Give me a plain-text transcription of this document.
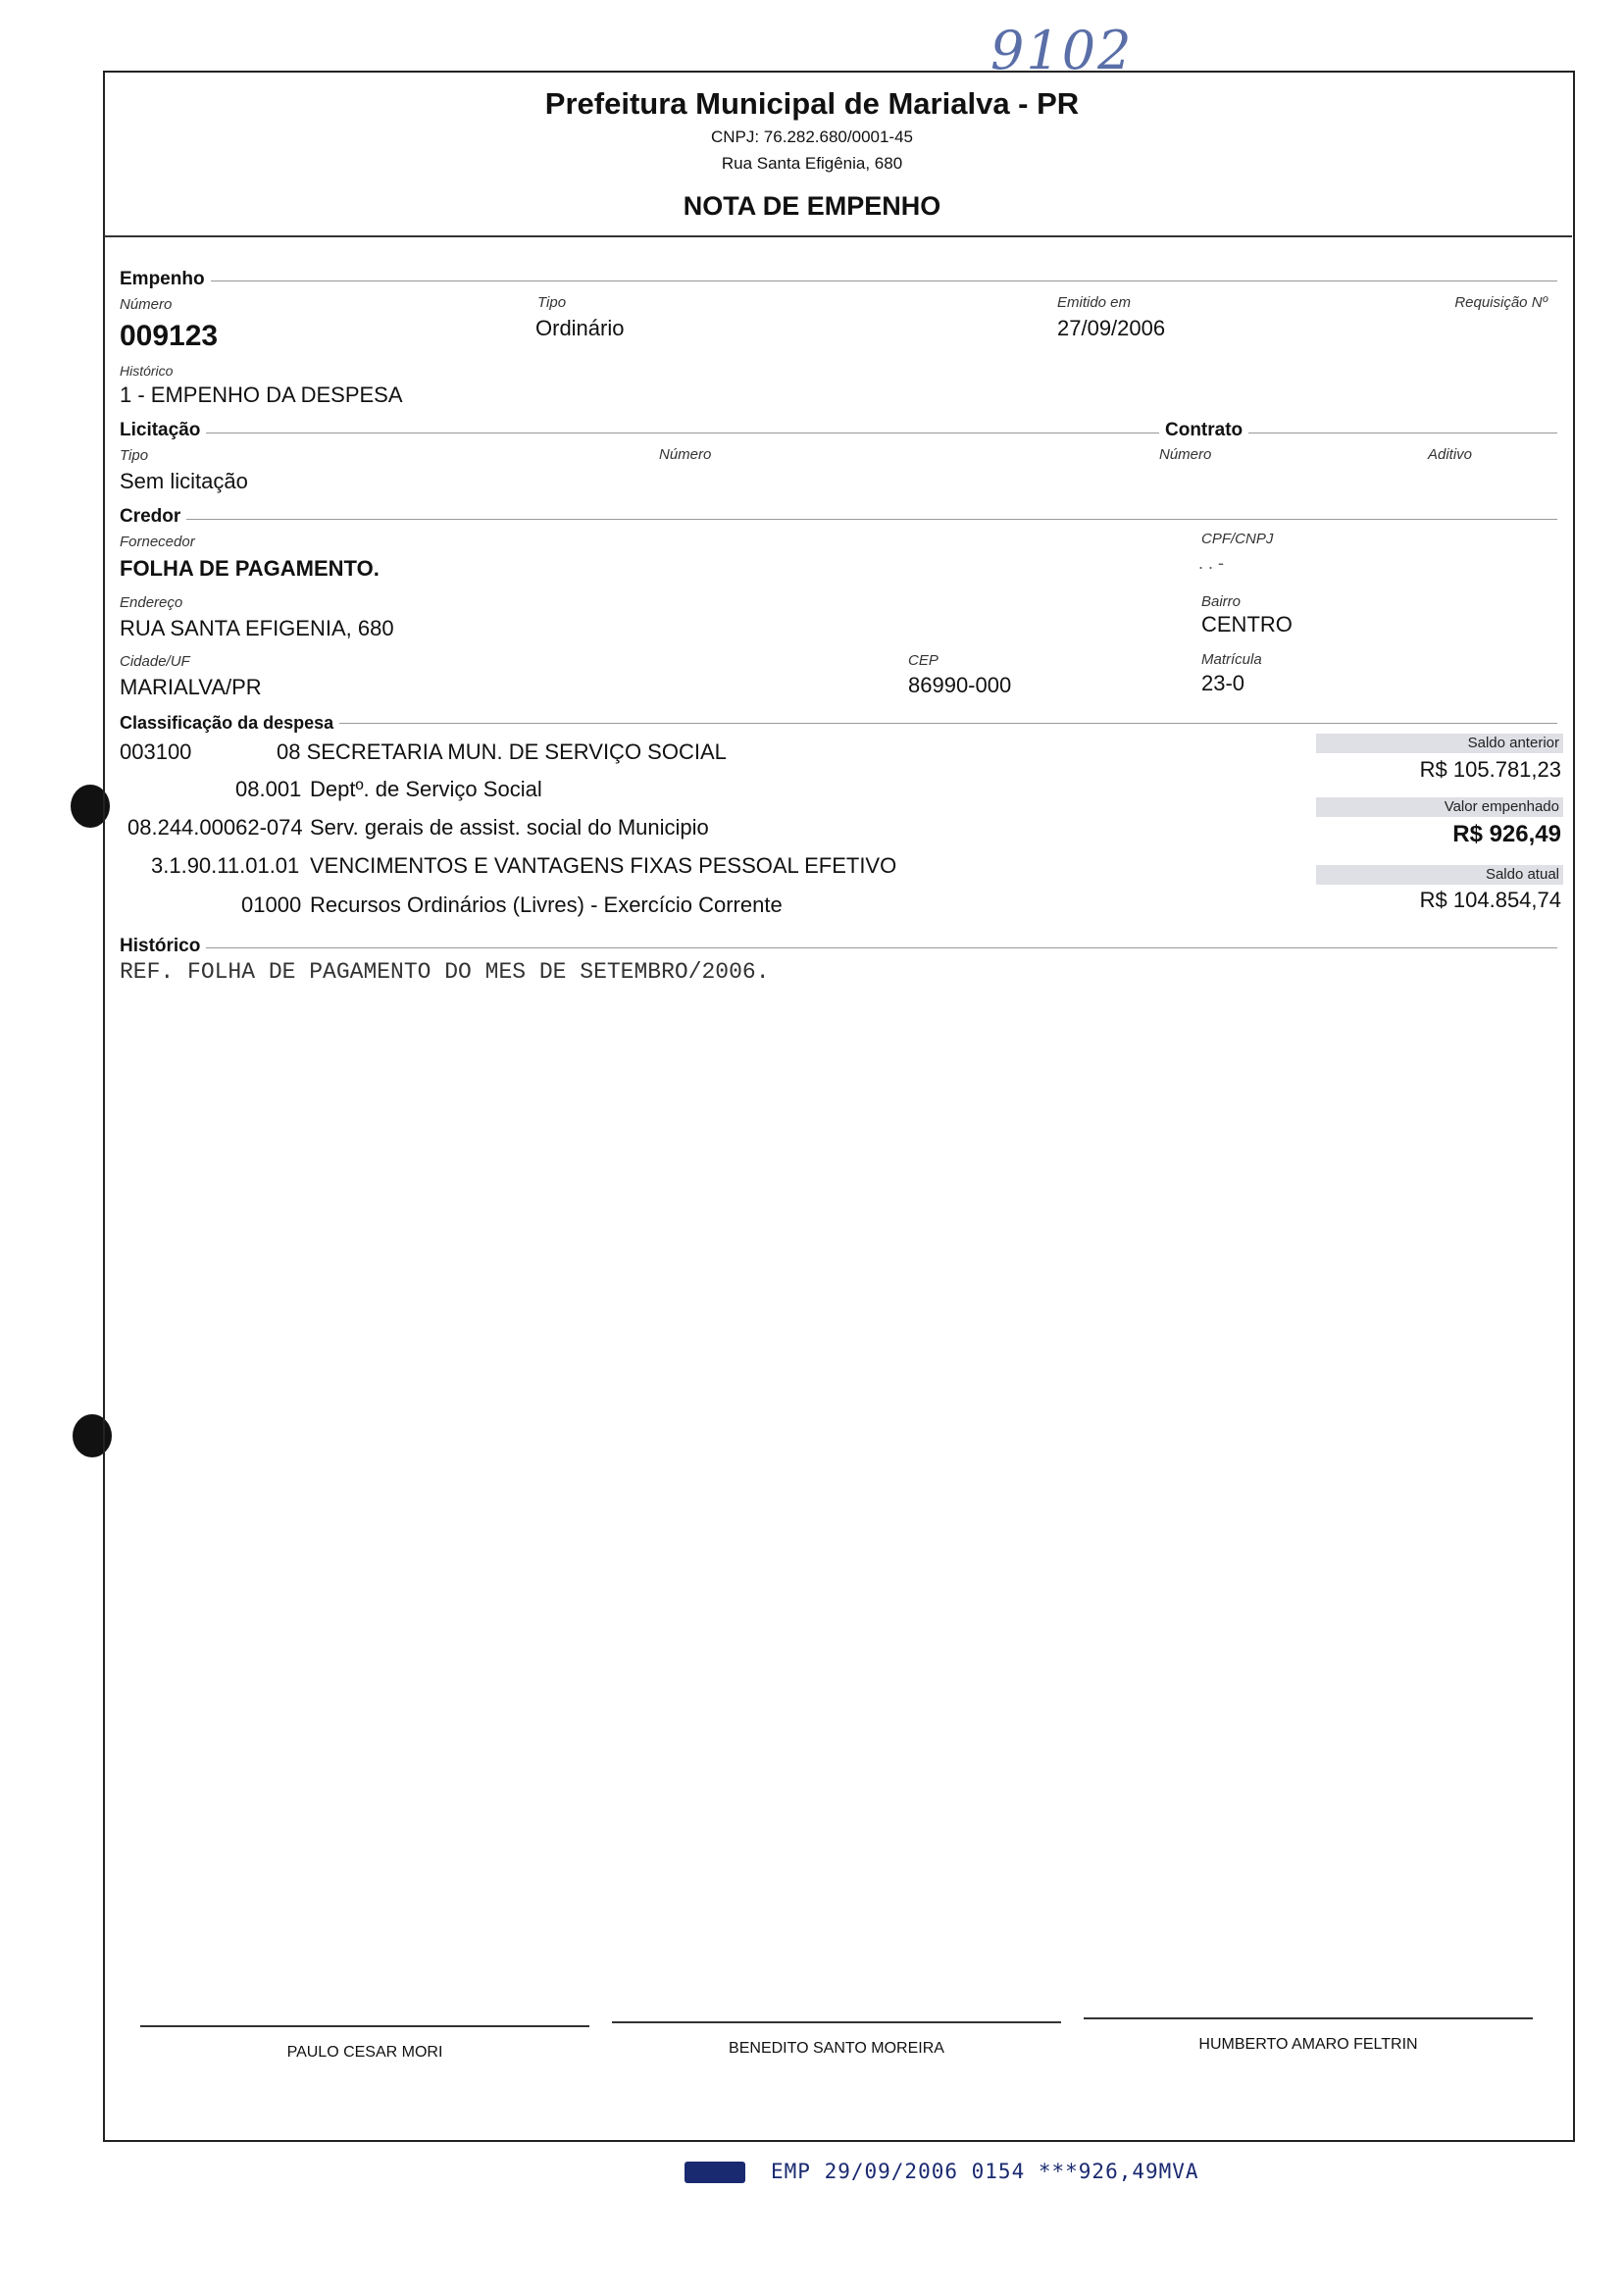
9102
Prefeitura Municipal de Marialva - PR
CNPJ: 76.282.680/0001-45
Rua Santa Efigênia, 680
NOTA DE EMPENHO
Empenho
Número
009123
Tipo
Ordinário
Emitido em
27/09/2006
Requisição Nº
Histórico
1 - EMPENHO DA DESPESA
Licitação	Contrato
Tipo
Sem licitação
Número	Número	Aditivo
Credor
Fornecedor
FOLHA DE PAGAMENTO.
CPF/CNPJ
. . -
Endereço
RUA SANTA EFIGENIA, 680
Bairro
CENTRO
Cidade/UF
MARIALVA/PR
CEP
86990-000
Matrícula
23-0
Classificação da despesa
003100	08 SECRETARIA MUN. DE SERVIÇO SOCIAL
08.001 Deptº. de Serviço Social
08.244.00062-074 Serv. gerais de assist. social do Municipio
3.1.90.11.01.01 VENCIMENTOS E VANTAGENS FIXAS PESSOAL EFETIVO
01000 Recursos Ordinários (Livres) - Exercício Corrente
Saldo anterior
R$ 105.781,23
Valor empenhado
R$ 926,49
Saldo atual
R$ 104.854,74
Histórico
REF. FOLHA DE PAGAMENTO DO MES DE SETEMBRO/2006.
PAULO CESAR MORI	BENEDITO SANTO MOREIRA	HUMBERTO AMARO FELTRIN
EMP 29/09/2006 0154 ***926,49MVA
